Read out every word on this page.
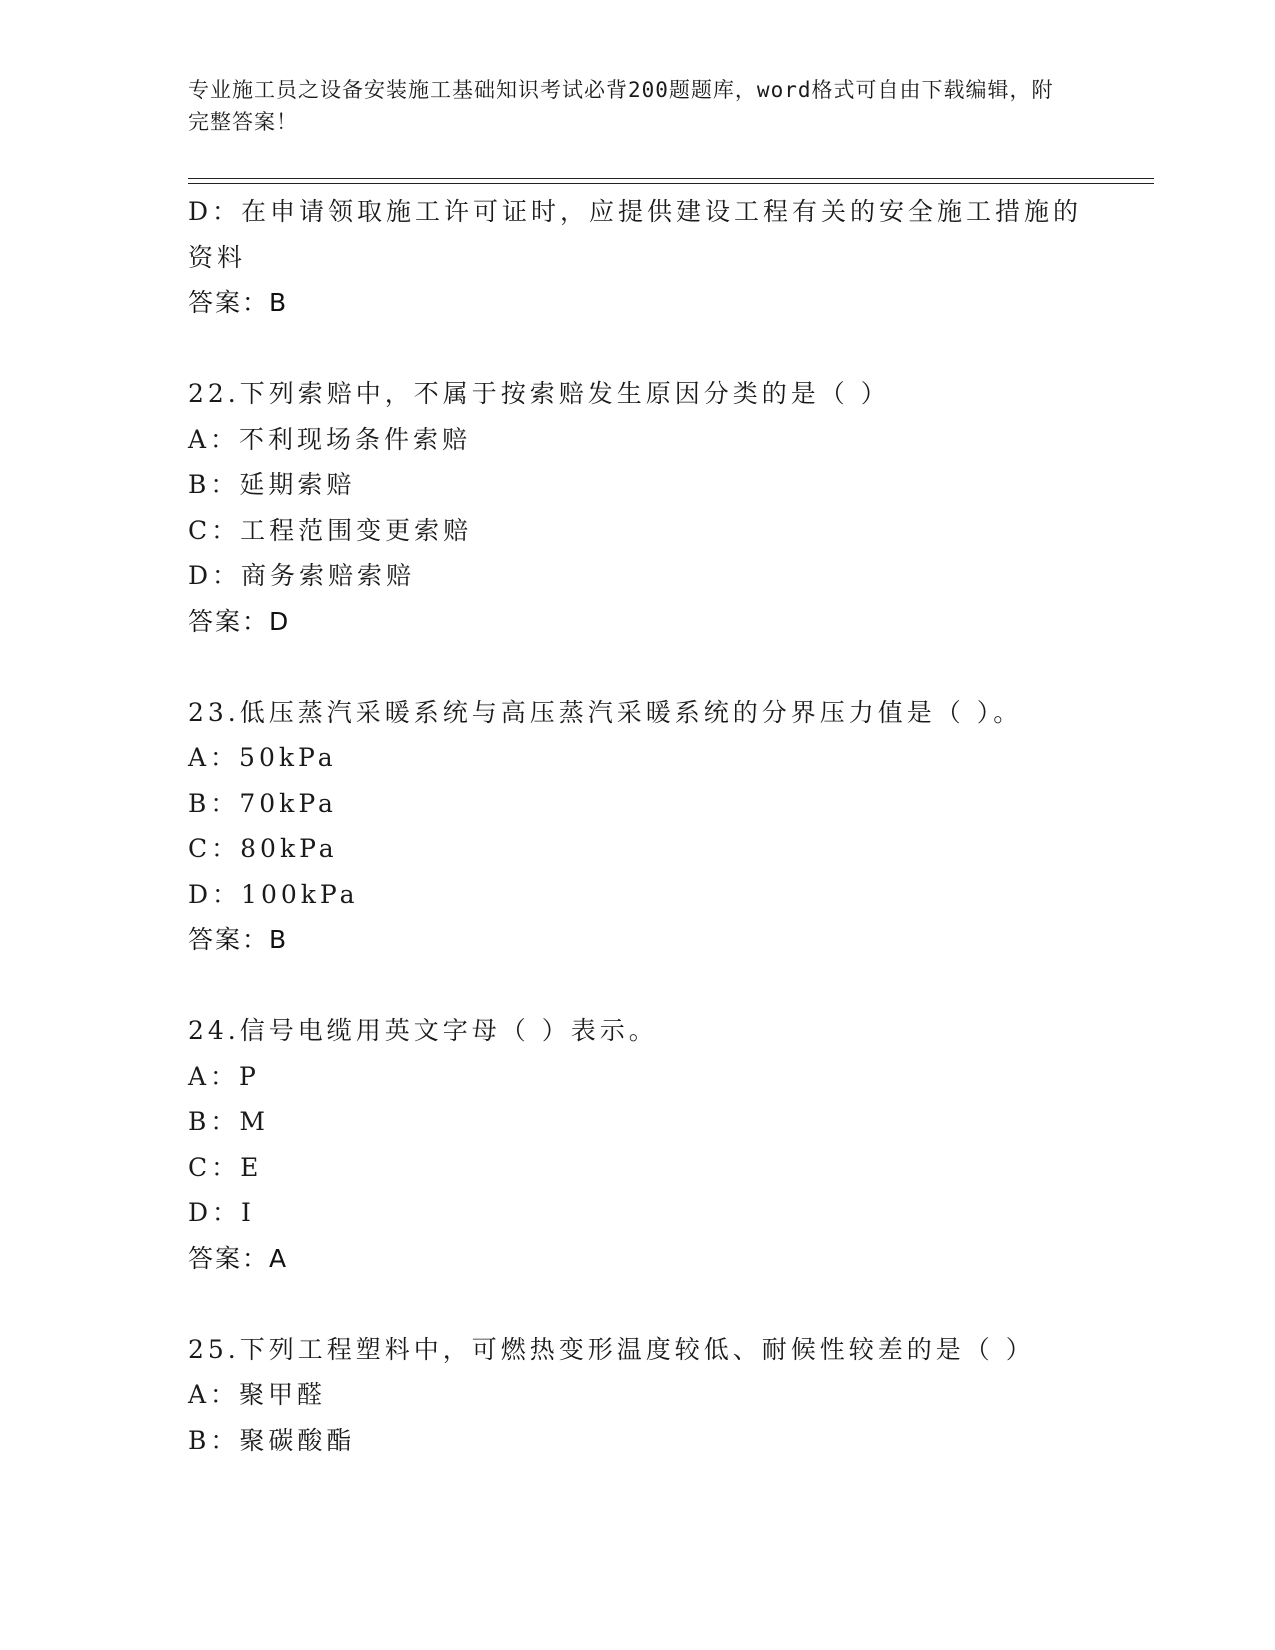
专业施工员之设备安装施工基础知识考试必背200题题库，word格式可自由下载编辑，附完整答案！
D：在申请领取施工许可证时，应提供建设工程有关的安全施工措施的
资料
答案：B
22.下列索赔中，不属于按索赔发生原因分类的是（ ）
A：不利现场条件索赔
B：延期索赔
C：工程范围变更索赔
D：商务索赔索赔
答案：D
23.低压蒸汽采暖系统与高压蒸汽采暖系统的分界压力值是（ ）。
A：50kPa
B：70kPa
C：80kPa
D：100kPa
答案：B
24.信号电缆用英文字母（ ）表示。
A：P
B：M
C：E
D：I
答案：A
25.下列工程塑料中，可燃热变形温度较低、耐候性较差的是（ ）
A：聚甲醛
B：聚碳酸酯
